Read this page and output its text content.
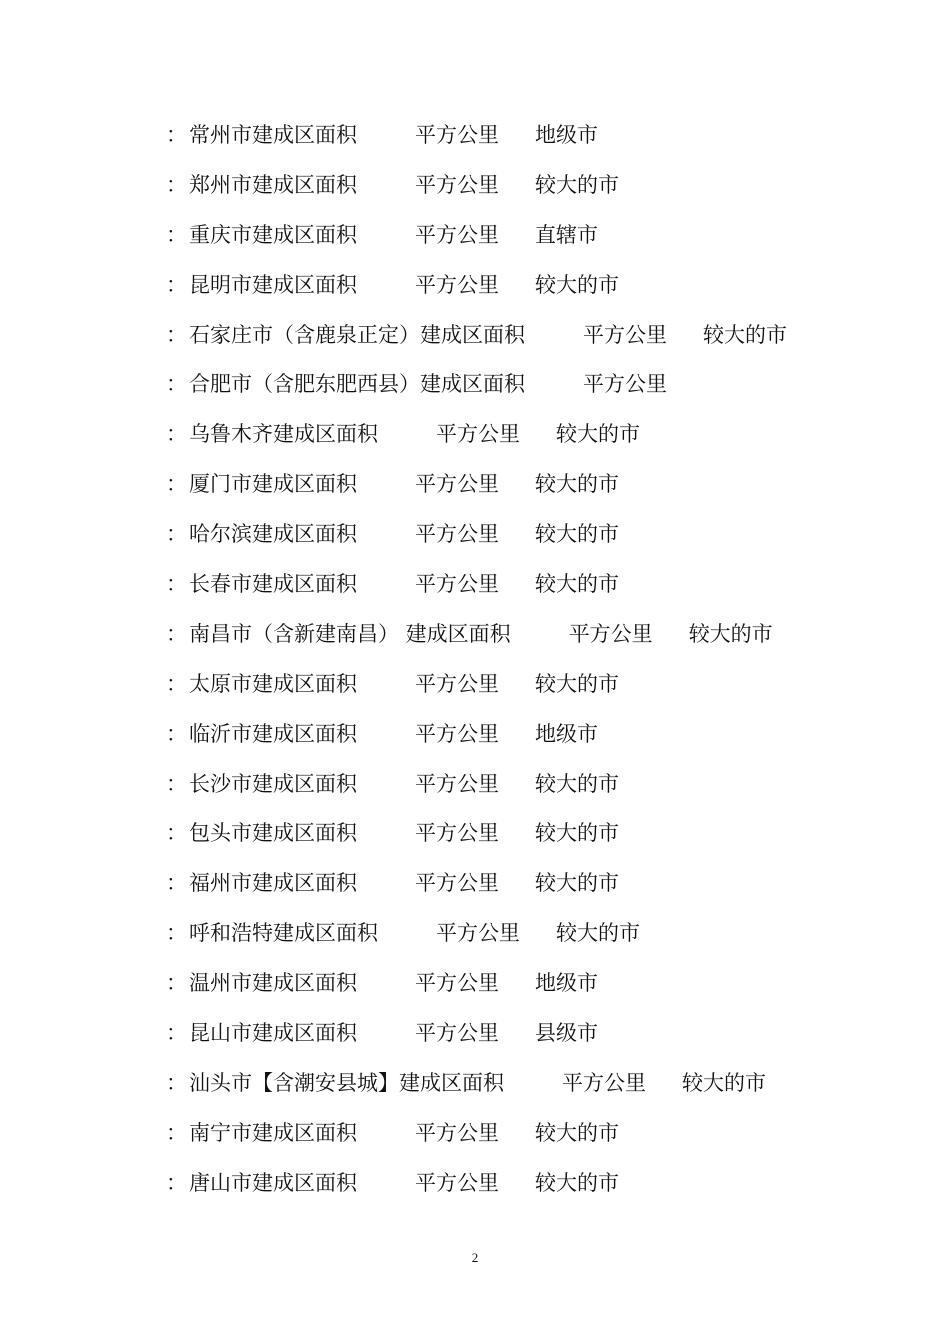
：常州市建成区面积	平方公里 地级市
：郑州市建成区面积	平方公里 较大的市
：重庆市建成区面积	平方公里 直辖市
：昆明市建成区面积	平方公里 较大的市
：石家庄市（含鹿泉正定）建成区面积	平方公里 较大的市
：合肥市（含肥东肥西县）建成区面积	平方公里
：乌鲁木齐建成区面积	平方公里 较大的市
：厦门市建成区面积	平方公里 较大的市
：哈尔滨建成区面积	平方公里 较大的市
：长春市建成区面积	平方公里 较大的市
：南昌市（含新建南昌） 建成区面积	平方公里 较大的市
：太原市建成区面积	平方公里 较大的市
：临沂市建成区面积	平方公里 地级市
：长沙市建成区面积	平方公里 较大的市
：包头市建成区面积	平方公里 较大的市
：福州市建成区面积	平方公里 较大的市
：呼和浩特建成区面积	平方公里 较大的市
：温州市建成区面积	平方公里 地级市
：昆山市建成区面积	平方公里 县级市
：汕头市【含潮安县城】建成区面积	平方公里 较大的市
：南宁市建成区面积	平方公里 较大的市
：唐山市建成区面积	平方公里 较大的市
2
